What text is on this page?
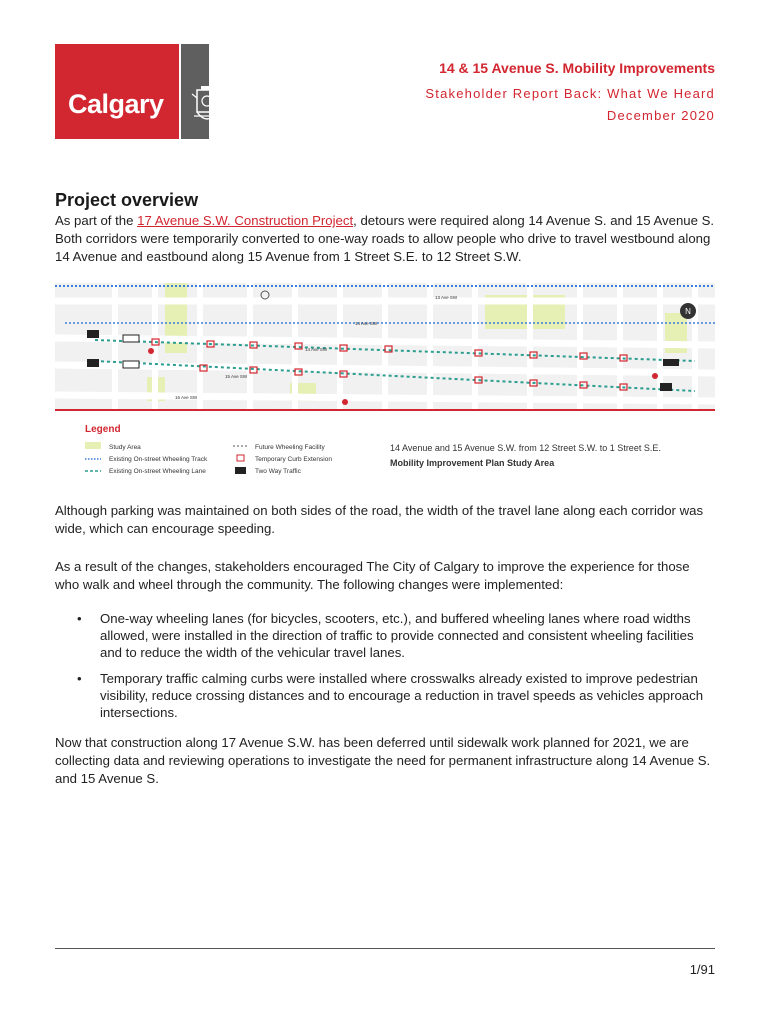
Calgary
14 & 15 Avenue S. Mobility Improvements
Stakeholder Report Back: What We Heard
December 2020
Project overview
As part of the 17 Avenue S.W. Construction Project, detours were required along 14 Avenue S. and 15 Avenue S. Both corridors were temporarily converted to one-way roads to allow people who drive to travel westbound along 14 Avenue and eastbound along 15 Avenue from 1 Street S.E. to 12 Street S.W.
N
13 Ave SW
14 Ave SW
14 Ave SW
15 Ave SW
16 Ave SW
Legend
Study Area
Existing On-street Wheeling Track
Existing On-street Wheeling Lane
Future Wheeling Facility
Temporary Curb Extension
Two Way Traffic
14 Avenue and 15 Avenue S.W. from 12 Street S.W. to 1 Street S.E.
Mobility Improvement Plan Study Area
Although parking was maintained on both sides of the road, the width of the travel lane along each corridor was wide, which can encourage speeding.
As a result of the changes, stakeholders encouraged The City of Calgary to improve the experience for those who walk and wheel through the community. The following changes were implemented:
• One-way wheeling lanes (for bicycles, scooters, etc.), and buffered wheeling lanes where road widths allowed, were installed in the direction of traffic to provide connected and consistent wheeling facilities and to reduce the width of the vehicular travel lanes.
• Temporary traffic calming curbs were installed where crosswalks already existed to improve pedestrian visibility, reduce crossing distances and to encourage a reduction in travel speeds as vehicles approach intersections.
Now that construction along 17 Avenue S.W. has been deferred until sidewalk work planned for 2021, we are collecting data and reviewing operations to investigate the need for permanent infrastructure along 14 Avenue S. and 15 Avenue S.
1/91
